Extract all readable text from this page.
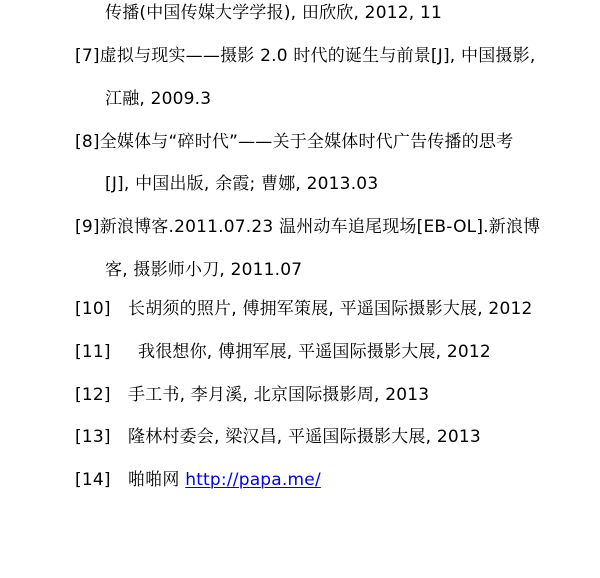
传播(中国传媒大学学报), 田欣欣, 2012, 11
[7]虚拟与现实——摄影 2.0 时代的诞生与前景[J], 中国摄影,
江融, 2009.3
[8]全媒体与“碎时代”——关于全媒体时代广告传播的思考
[J], 中国出版, 余霞; 曹娜, 2013.03
[9]新浪博客.2011.07.23 温州动车追尾现场[EB-OL].新浪博
客, 摄影师小刀, 2011.07
[10] 长胡须的照片, 傅拥军策展, 平遥国际摄影大展, 2012
[11] 我很想你, 傅拥军展, 平遥国际摄影大展, 2012
[12] 手工书, 李月溪, 北京国际摄影周, 2013
[13] 隆林村委会, 梁汉昌, 平遥国际摄影大展, 2013
[14] 啪啪网 http://papa.me/
